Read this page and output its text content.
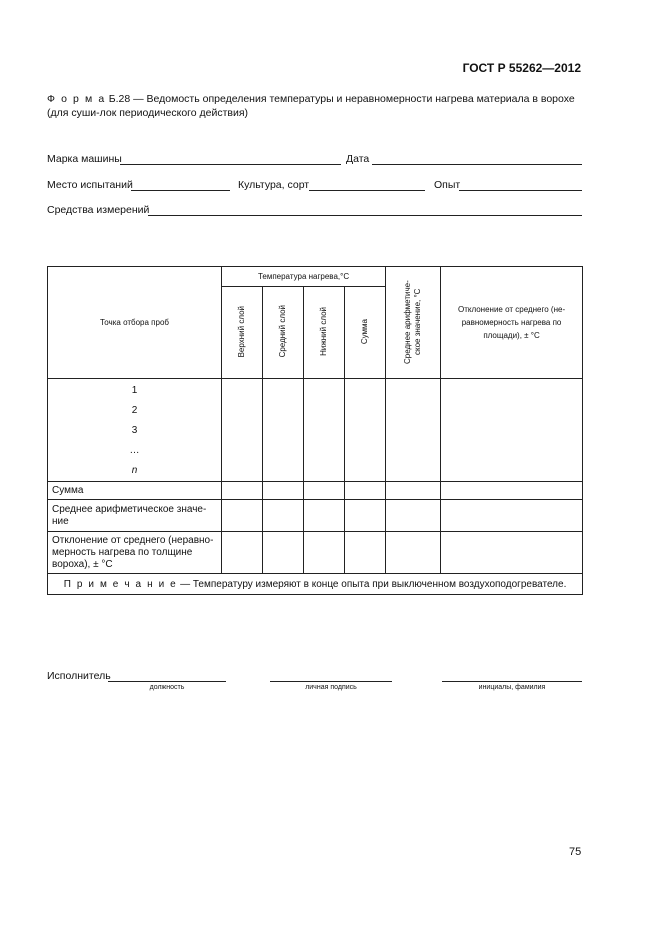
ГОСТ Р 55262—2012
Ф о р м а Б.28 — Ведомость определения температуры и неравномерности нагрева материала в ворохе (для суши-лок периодического действия)
Марка машины	Дата
Место испытаний	Культура, сорт	Опыт
Средства измерений
Точка отбора проб	Температура нагрева,°С				Среднее арифметиче-ское значение, °С	Отклонение от среднего (не-равномерность нагрева по площади), ± °С
	Верхний слой	Средний слой	Нижний слой	Сумма		

1
2
3
…
n						

Сумма						
Среднее арифметическое значе-ние						
Отклонение от среднего (неравно-мерность нагрева по толщине вороха), ± °С						
П р и м е ч а н и е — Температуру измеряют в конце опыта при выключенном воздухоподогревателе.						
Исполнитель
должность	личная подпись	инициалы, фамилия
75
